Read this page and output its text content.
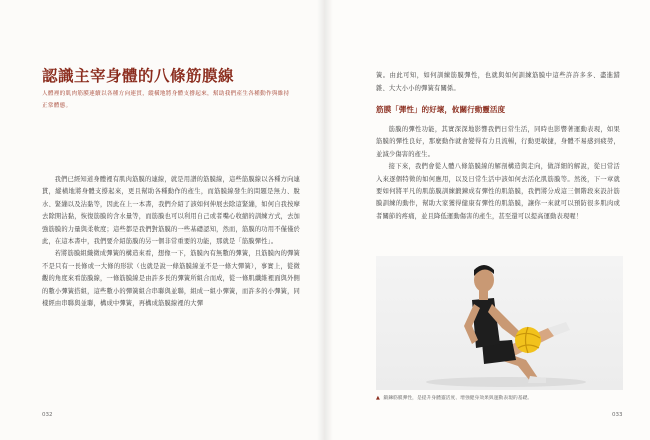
認識主宰身體的八條筋膜線
人體裡的肌肉筋膜連續以各種方向連貫，縱橫地將身體支撐起來，幫助我們產生各種動作與維持正常體態。

我們已經知道身體裡有肌肉筋膜的連線，就是用譜的筋膜線，這些筋膜線以各種方向連貫，縱橫地將身體支撐起來，更且幫助各種動作的產生，而筋膜線發生的問題是無力、脫水、緊繃以及沾黏等，因此在上一本書，我們介紹了該如何伸展去除這緊繃，如何自我按摩去除開沾黏，恢復筋膜的含水量等，而筋膜也可以利用自己或者嘴心收縮的訓練方式，去加強筋膜的力量與柔軟度；這些都是我們對筋膜的一些基礎認知，然而，筋膜的功用不僅僅於此，在這本書中，我們要介紹筋膜的另一個非常重要的功能，那就是「筋膜彈性」。

若將筋膜組織微成彈簧的構造來看，想像一下，筋膜內有無數的彈簧，且筋膜內的彈簧不是只有一長條或一大條的形狀（也就是說一條筋膜線並不是一條大彈簧），事實上，從微觀的角度來看筋膜線，一條筋膜線是由許多長的彈簧所組合而成，從一條肌纖維裡面與外側的數小彈簧搭組，這些數小的彈簧組合串聯與並聯，組成一組小彈簧，而許多的小彈簧，同樣經由串聯與並聯，構成中彈簧，再構成筋膜線裡的大彈

簧。由此可知，如何訓練筋膜彈性，也就與如何訓練筋膜中這些許許多多、盡進錯雜、大大小小的彈簧有關係。

筋膜「彈性」的好壞，攸關行動靈活度

筋膜的彈性功能，其實深深地影響我們日常生活，同時也影響著運動表現，如果筋膜的彈性良好，那麼動作就會變得有力且流暢，行動更敏捷，身體不易感到疲勞，並減少傷害的產生。

接下來，我們會從人體八條筋膜線的解剖構造與走向，做詳細的解說，從日常活入來逐個特徵的如何應用，以及日常生活中該如何去活化肌筋膜等。然後，下一章就要如何將平凡的肌筋膜訓練鍛鍊成有彈性的肌筋膜，我們將分成這三個階段來設計筋膜訓練的動作，幫助大家獲得健康有彈性的肌筋膜，讓你一來就可以預防很多肌肉或者關節的疼痛，並且降低運動傷害的產生，甚至還可以提高運動表現喔！

▲ 鍛鍊筋膜彈性，是提升身體靈活度、增強健身效果與運動表現的基礎。
032	033
